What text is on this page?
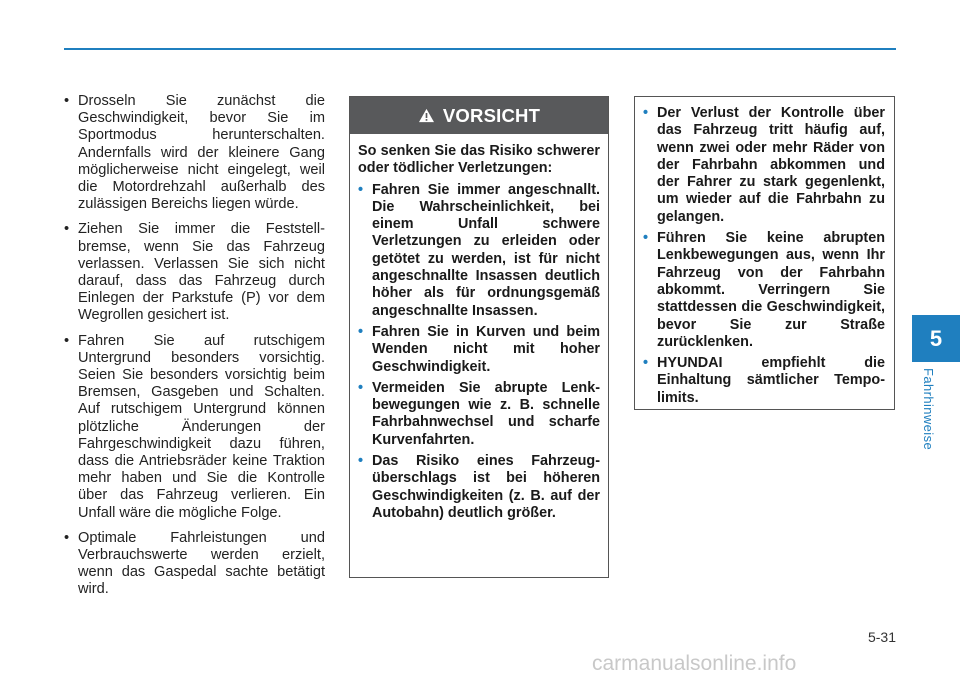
• Drosseln Sie zunächst die Geschwindigkeit, bevor Sie im Sportmodus herunterschalten. Andernfalls wird der kleinere Gang möglicherweise nicht eingelegt, weil die Motordrehzahl außerhalb des zulässigen Bereichs liegen würde.
• Ziehen Sie immer die Feststellbremse, wenn Sie das Fahrzeug verlassen. Verlassen Sie sich nicht darauf, dass das Fahrzeug durch Einlegen der Parkstufe (P) vor dem Wegrollen gesichert ist.
• Fahren Sie auf rutschigem Untergrund besonders vorsichtig. Seien Sie besonders vorsichtig beim Bremsen, Gasgeben und Schalten. Auf rutschigem Untergrund können plötzliche Änderungen der Fahrgeschwindigkeit dazu führen, dass die Antriebsräder keine Traktion mehr haben und Sie die Kontrolle über das Fahrzeug verlieren. Ein Unfall wäre die mögliche Folge.
• Optimale Fahrleistungen und Verbrauchswerte werden erzielt, wenn das Gaspedal sachte betätigt wird.
VORSICHT

So senken Sie das Risiko schwerer oder tödlicher Verletzungen:

• Fahren Sie immer angeschnallt. Die Wahrscheinlichkeit, bei einem Unfall schwere Verletzungen zu erleiden oder getötet zu werden, ist für nicht angeschnallte Insassen deutlich höher als für ordnungsgemäß angeschnallte Insassen.
• Fahren Sie in Kurven und beim Wenden nicht mit hoher Geschwindigkeit.
• Vermeiden Sie abrupte Lenkbewegungen wie z. B. schnelle Fahrbahnwechsel und scharfe Kurvenfahrten.
• Das Risiko eines Fahrzeugüberschlags ist bei höheren Geschwindigkeiten (z. B. auf der Autobahn) deutlich größer.
• Der Verlust der Kontrolle über das Fahrzeug tritt häufig auf, wenn zwei oder mehr Räder von der Fahrbahn abkommen und der Fahrer zu stark gegenlenkt, um wieder auf die Fahrbahn zu gelangen.
• Führen Sie keine abrupten Lenkbewegungen aus, wenn Ihr Fahrzeug von der Fahrbahn abkommt. Verringern Sie stattdessen die Geschwindigkeit, bevor Sie zur Straße zurücklenken.
• HYUNDAI empfiehlt die Einhaltung sämtlicher Tempolimits.
5
Fahrhinweise
5-31
carmanualsonline.info
